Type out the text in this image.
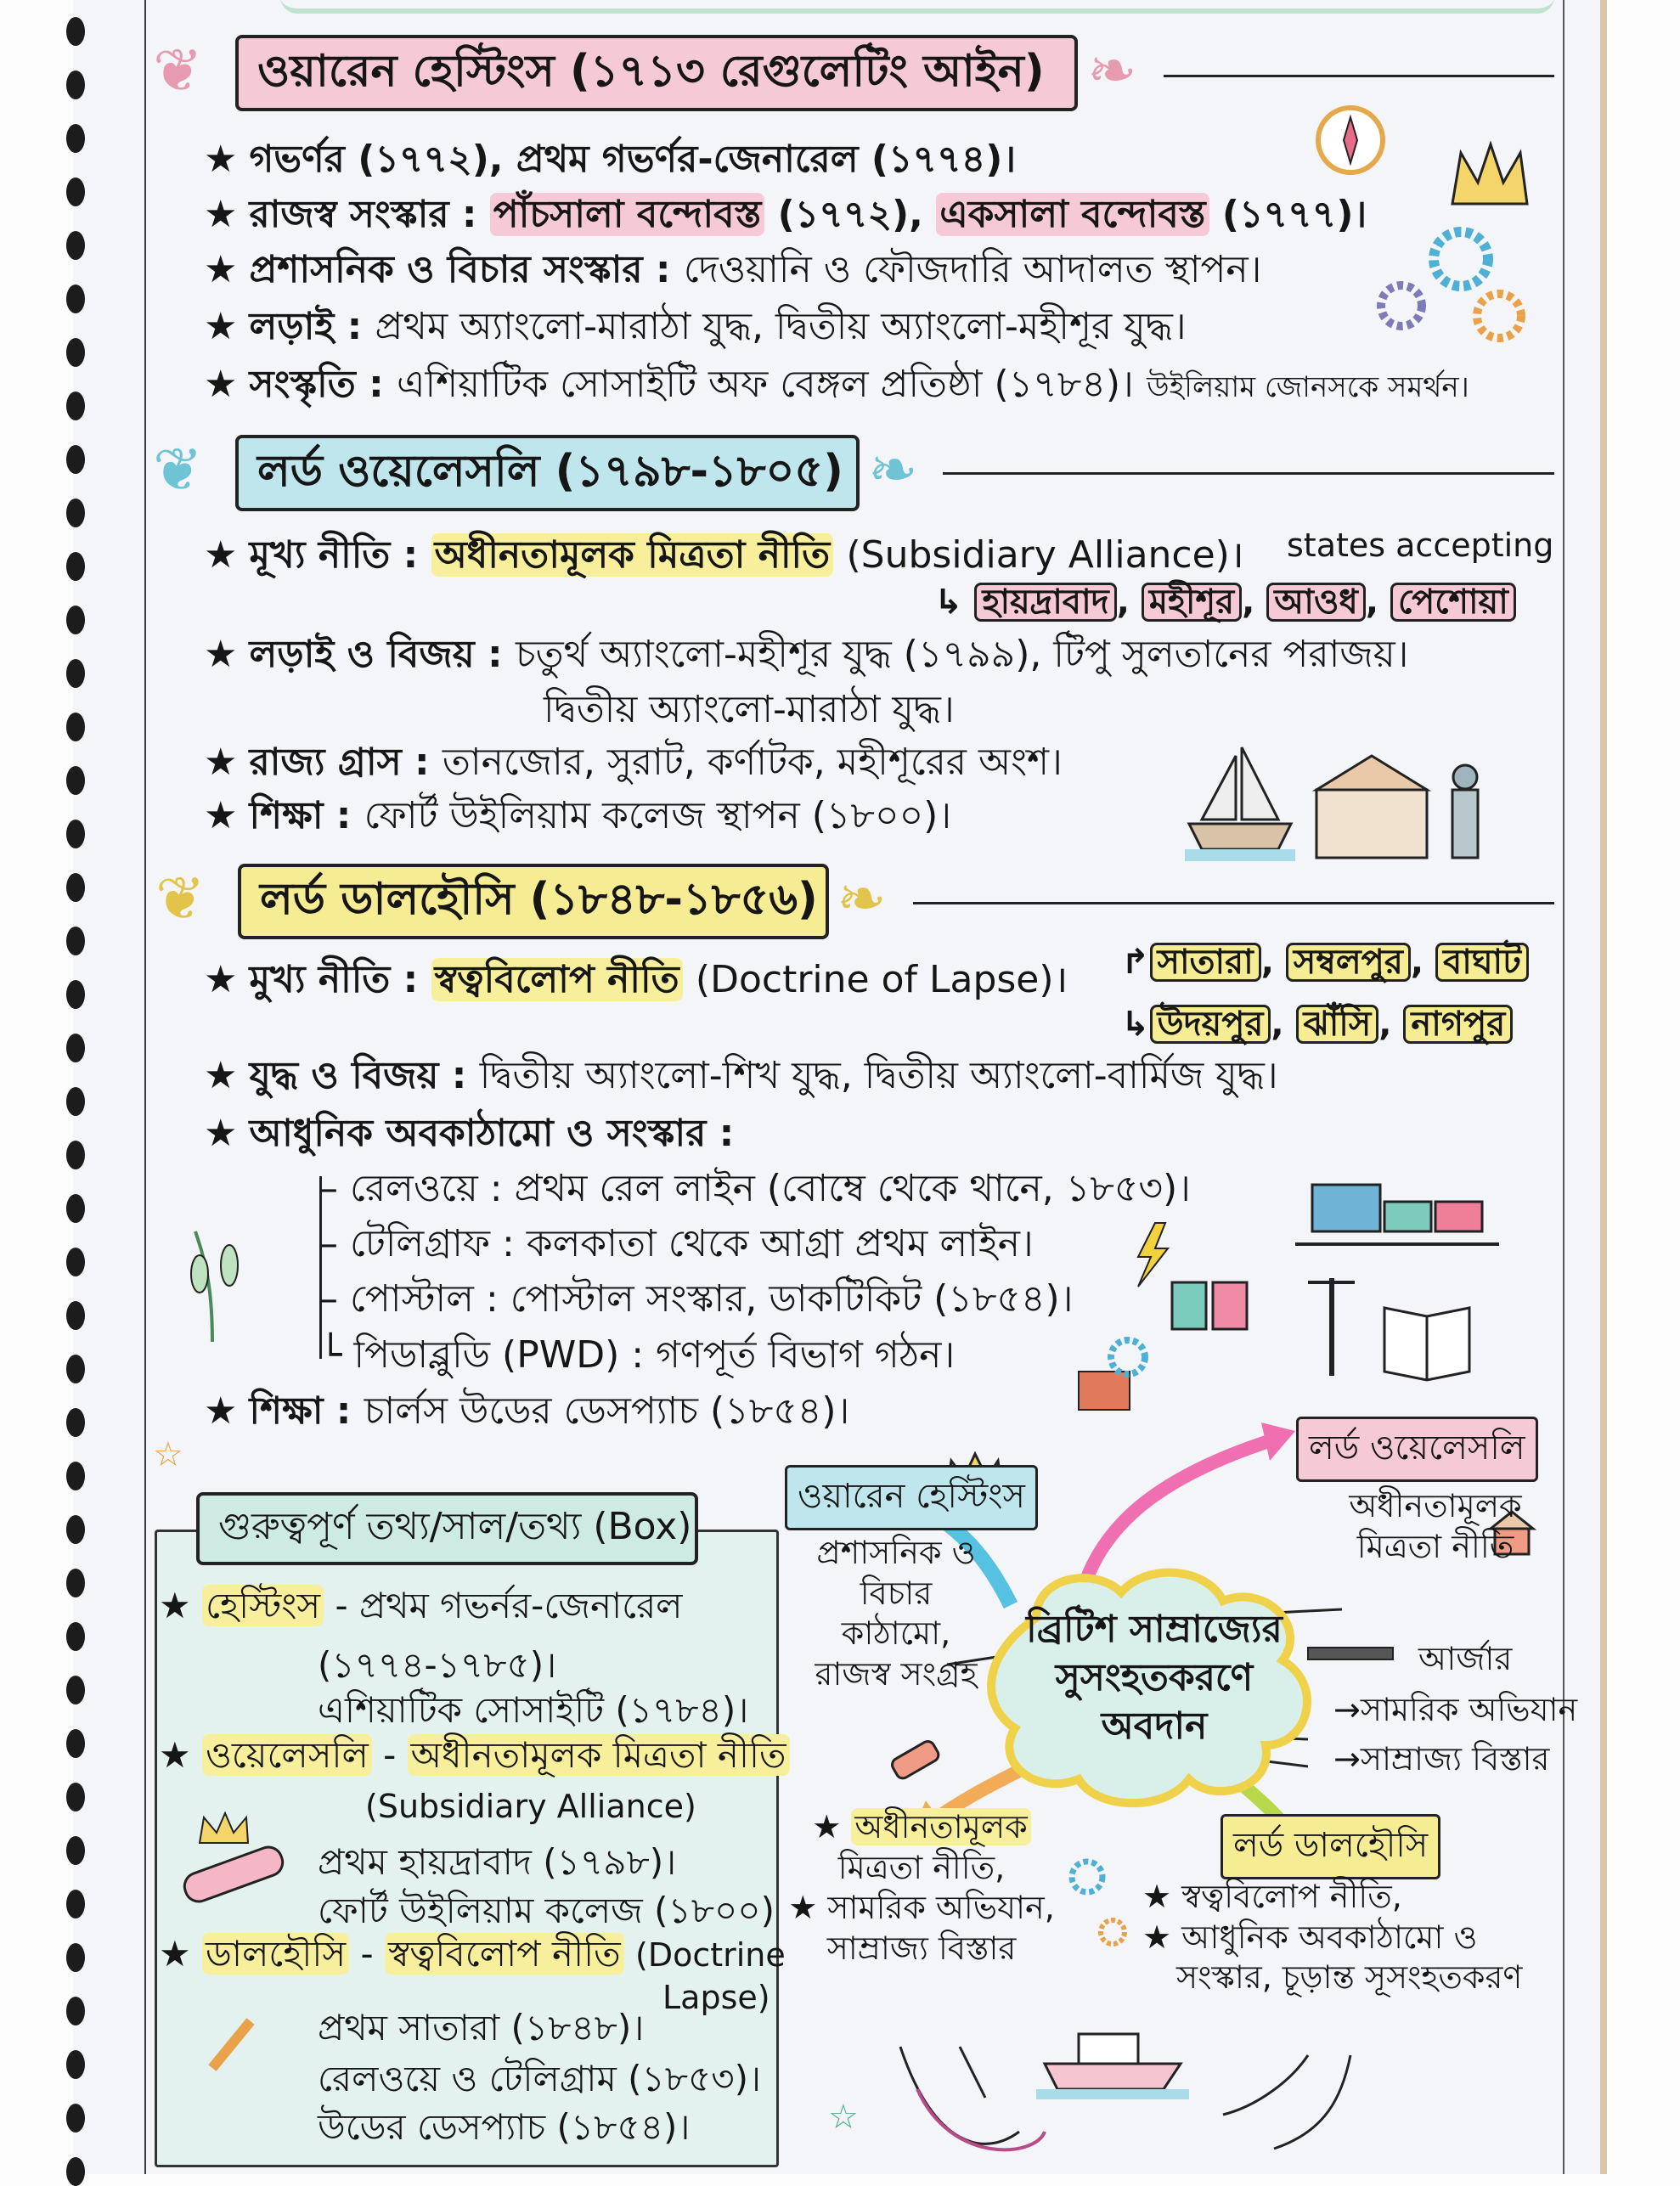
❦	ওয়ারেন হেস্টিংস (১৭১৩ রেগুলেটিং আইন) ❧
★ গভর্ণর (১৭৭২), প্রথম গভর্ণর-জেনারেল (১৭৭৪)।
★ রাজস্ব সংস্কার : পাঁচসালা বন্দোবস্ত (১৭৭২), একসালা বন্দোবস্ত (১৭৭৭)।
★ প্রশাসনিক ও বিচার সংস্কার : দেওয়ানি ও ফৌজদারি আদালত স্থাপন।
★ লড়াই : প্রথম অ্যাংলো-মারাঠা যুদ্ধ, দ্বিতীয় অ্যাংলো-মহীশূর যুদ্ধ।
★ সংস্কৃতি : এশিয়াটিক সোসাইটি অফ বেঙ্গল প্রতিষ্ঠা (১৭৮৪)। উইলিয়াম জোনসকে সমর্থন।
❦	লর্ড ওয়েলেসলি (১৭৯৮-১৮০৫) ❧
★ মূখ্য নীতি : অধীনতামূলক মিত্রতা নীতি (Subsidiary Alliance)। states accepting
↳ হায়দ্রাবাদ , মহীশূর , আওধ , পেশোয়া
★ লড়াই ও বিজয় : চতুর্থ অ্যাংলো-মহীশূর যুদ্ধ (১৭৯৯), টিপু সুলতানের পরাজয়।
দ্বিতীয় অ্যাংলো-মারাঠা যুদ্ধ।
★ রাজ্য গ্রাস : তানজোর, সুরাট, কর্ণাটক, মহীশূরের অংশ।
★ শিক্ষা : ফোর্ট উইলিয়াম কলেজ স্থাপন (১৮০০)।
❦	লর্ড ডালহৌসি (১৮৪৮-১৮৫৬) ❧
★ মুখ্য নীতি : স্বত্ববিলোপ নীতি (Doctrine of Lapse)। ↱ সাতারা , সম্বলপুর , বাঘাট
↳ উদয়পুর , ঝাঁসি , নাগপুর
★ যুদ্ধ ও বিজয় : দ্বিতীয় অ্যাংলো-শিখ যুদ্ধ, দ্বিতীয় অ্যাংলো-বার্মিজ যুদ্ধ।
★ আধুনিক অবকাঠামো ও সংস্কার :
– রেলওয়ে : প্রথম রেল লাইন (বোম্বে থেকে থানে, ১৮৫৩)।
– টেলিগ্রাফ : কলকাতা থেকে আগ্রা প্রথম লাইন।
– পোস্টাল : পোস্টাল সংস্কার, ডাকটিকিট (১৮৫৪)।
└ পিডাব্লুডি (PWD) : গণপূর্ত বিভাগ গঠন।
★ শিক্ষা : চার্লস উডের ডেসপ্যাচ (১৮৫৪)।
গুরুত্বপূর্ণ তথ্য/সাল/তথ্য (Box)
★ হেস্টিংস - প্রথম গভর্নর-জেনারেল
(১৭৭৪-১৭৮৫)।
এশিয়াটিক সোসাইটি (১৭৮৪)।
★ ওয়েলেসলি - অধীনতামূলক মিত্রতা নীতি
(Subsidiary Alliance)
প্রথম হায়দ্রাবাদ (১৭৯৮)।
ফোর্ট উইলিয়াম কলেজ (১৮০০)
★ ডালহৌসি - স্বত্ববিলোপ নীতি (Doctrine
Lapse)
প্রথম সাতারা (১৮৪৮)।
রেলওয়ে ও টেলিগ্রাম (১৮৫৩)।
উডের ডেসপ্যাচ (১৮৫৪)।
ব্রিটিশ সাম্রাজ্যের
সুসংহতকরণে
অবদান
ওয়ারেন হেস্টিংস
লর্ড ওয়েলেসলি
লর্ড ডালহৌসি
প্রশাসনিক ও
বিচার
কাঠামো,
রাজস্ব সংগ্রহ
অধীনতামূলক
মিত্রতা নীতি
আর্জার
→সামরিক অভিযান
→সাম্রাজ্য বিস্তার
★ অধীনতামূলক
মিত্রতা নীতি,
★ সামরিক অভিযান,
সাম্রাজ্য বিস্তার
★ স্বত্ববিলোপ নীতি,
★ আধুনিক অবকাঠামো ও
সংস্কার, চূড়ান্ত সূসংহতকরণ
☆
☆
